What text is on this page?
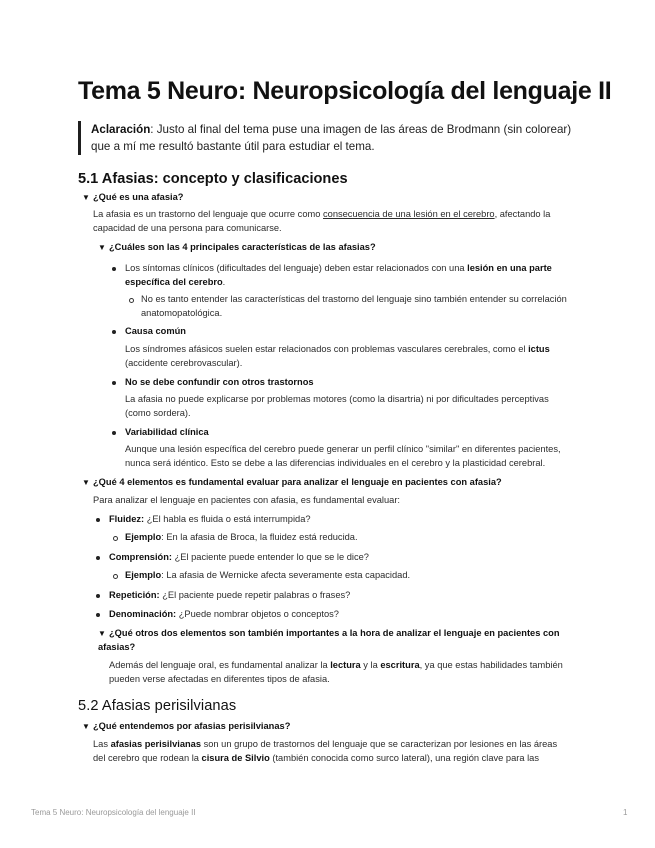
Tema 5 Neuro: Neuropsicología del lenguaje II
Aclaración: Justo al final del tema puse una imagen de las áreas de Brodmann (sin colorear) que a mí me resultó bastante útil para estudiar el tema.
5.1 Afasias: concepto y clasificaciones
▼ ¿Qué es una afasia?
La afasia es un trastorno del lenguaje que ocurre como consecuencia de una lesión en el cerebro, afectando la capacidad de una persona para comunicarse.
▼ ¿Cuáles son las 4 principales características de las afasias?
Los síntomas clínicos (dificultades del lenguaje) deben estar relacionados con una lesión en una parte específica del cerebro.
No es tanto entender las características del trastorno del lenguaje sino también entender su correlación anatomopatológica.
Causa común
Los síndromes afásicos suelen estar relacionados con problemas vasculares cerebrales, como el ictus (accidente cerebrovascular).
No se debe confundir con otros trastornos
La afasia no puede explicarse por problemas motores (como la disartria) ni por dificultades perceptivas (como sordera).
Variabilidad clínica
Aunque una lesión específica del cerebro puede generar un perfil clínico "similar" en diferentes pacientes, nunca será idéntico. Esto se debe a las diferencias individuales en el cerebro y la plasticidad cerebral.
▼ ¿Qué 4 elementos es fundamental evaluar para analizar el lenguaje en pacientes con afasia?
Para analizar el lenguaje en pacientes con afasia, es fundamental evaluar:
Fluidez: ¿El habla es fluida o está interrumpida?
Ejemplo: En la afasia de Broca, la fluidez está reducida.
Comprensión: ¿El paciente puede entender lo que se le dice?
Ejemplo: La afasia de Wernicke afecta severamente esta capacidad.
Repetición: ¿El paciente puede repetir palabras o frases?
Denominación: ¿Puede nombrar objetos o conceptos?
▼ ¿Qué otros dos elementos son también importantes a la hora de analizar el lenguaje en pacientes con afasias?
Además del lenguaje oral, es fundamental analizar la lectura y la escritura, ya que estas habilidades también pueden verse afectadas en diferentes tipos de afasia.
5.2 Afasias perisilvianas
▼ ¿Qué entendemos por afasias perisilvianas?
Las afasias perisilvianas son un grupo de trastornos del lenguaje que se caracterizan por lesiones en las áreas del cerebro que rodean la cisura de Silvio (también conocida como surco lateral), una región clave para las
Tema 5 Neuro: Neuropsicología del lenguaje II	1
